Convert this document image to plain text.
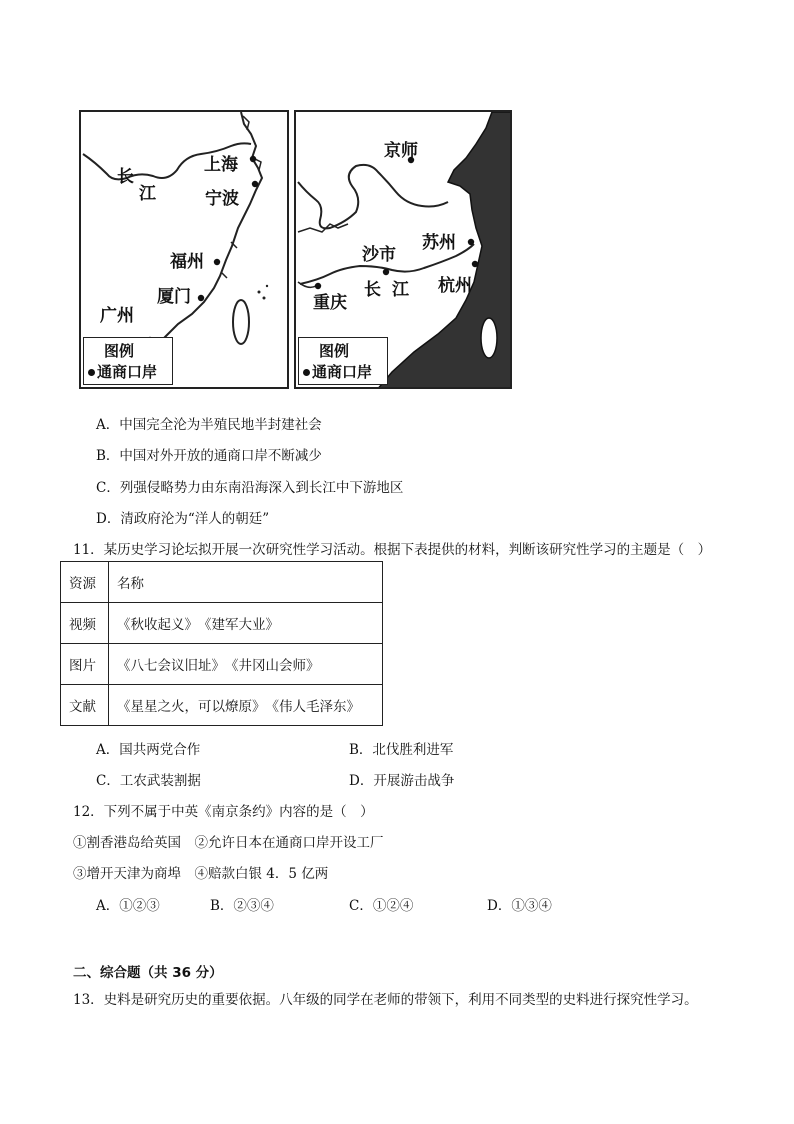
上海
宁波
福州
厦门
广州
长
江
图例
通商口岸
京师
苏州
沙市
杭州
重庆
长 江
图例
通商口岸
A．中国完全沦为半殖民地半封建社会
B．中国对外开放的通商口岸不断减少
C．列强侵略势力由东南沿海深入到长江中下游地区
D．清政府沦为“洋人的朝廷”
11．某历史学习论坛拟开展一次研究性学习活动。根据下表提供的材料，判断该研究性学习的主题是（　）
资源	名称
视频	《秋收起义》　《建军大业》
图片	《八七会议旧址》　《井冈山会师》
文献	《星星之火，可以燎原》　《伟人毛泽东》
A．国共两党合作	B．北伐胜利进军
C．工农武装割据	D．开展游击战争
12．下列不属于中英《南京条约》内容的是（　）
①割香港岛给英国　②允许日本在通商口岸开设工厂
③增开天津为商埠　④赔款白银 4．5 亿两
A．①②③	B．②③④	C．①②④	D．①③④
二、综合题（共 36 分）
13．史料是研究历史的重要依据。八年级的同学在老师的带领下，利用不同类型的史料进行探究性学习。
